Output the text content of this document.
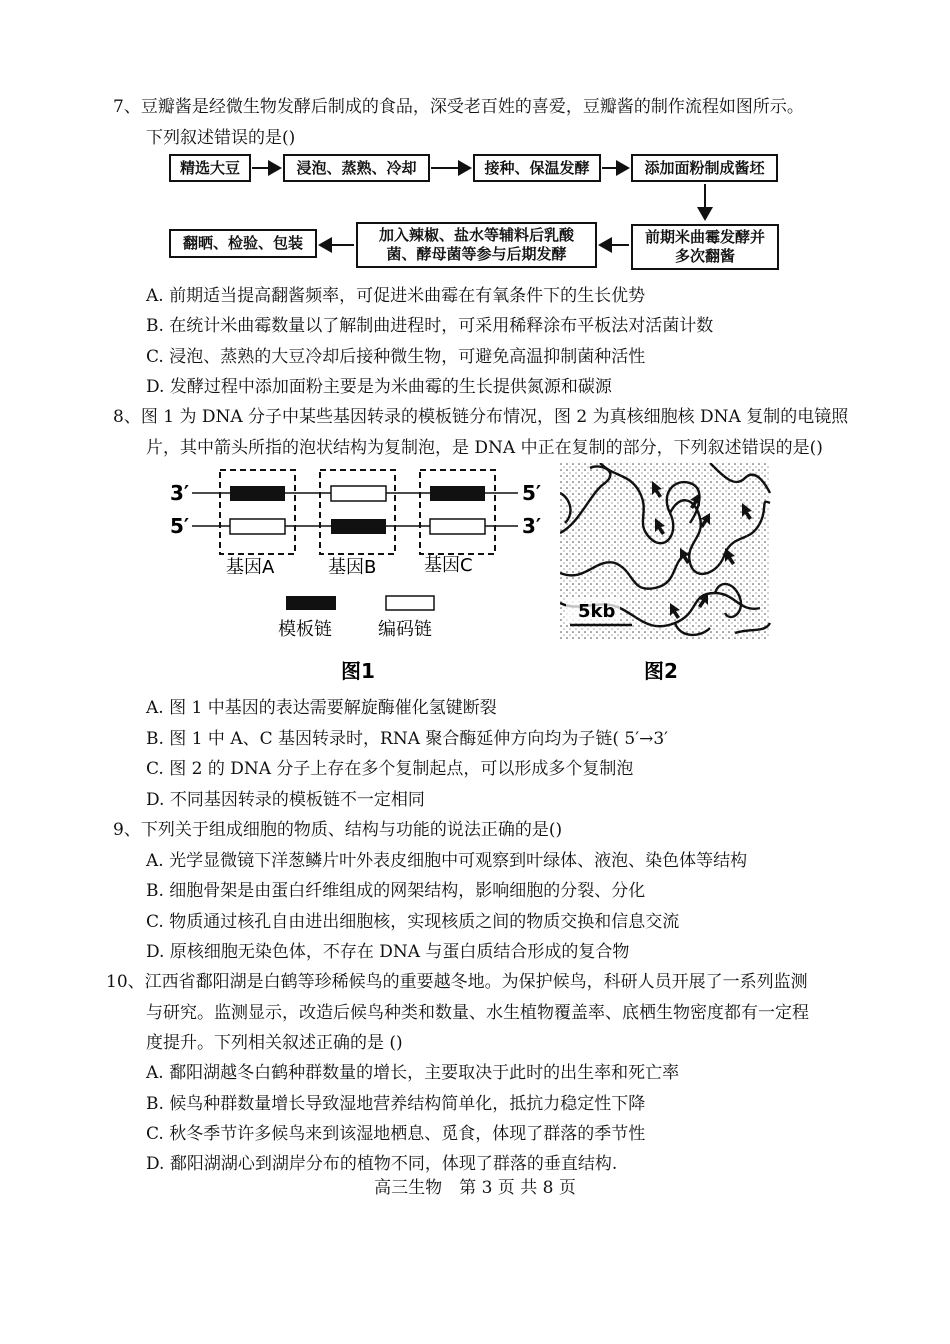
7、豆瓣酱是经微生物发酵后制成的食品，深受老百姓的喜爱，豆瓣酱的制作流程如图所示。
下列叙述错误的是()
精选大豆	浸泡、蒸熟、冷却	接种、保温发酵	添加面粉制成酱坯
前期米曲霉发酵并
多次翻酱
加入辣椒、盐水等辅料后乳酸
菌、酵母菌等参与后期发酵
翻晒、检验、包装
A. 前期适当提高翻酱频率，可促进米曲霉在有氧条件下的生长优势
B. 在统计米曲霉数量以了解制曲进程时，可采用稀释涂布平板法对活菌计数
C. 浸泡、蒸熟的大豆冷却后接种微生物，可避免高温抑制菌种活性
D. 发酵过程中添加面粉主要是为米曲霉的生长提供氮源和碳源
8、图 1 为 DNA 分子中某些基因转录的模板链分布情况，图 2 为真核细胞核 DNA 复制的电镜照
片，其中箭头所指的泡状结构为复制泡，是 DNA 中正在复制的部分，下列叙述错误的是()
3′	5′
5′	3′
基因A	基因B	基因C
模板链	编码链
图1
5kb
图2
A. 图 1 中基因的表达需要解旋酶催化氢键断裂
B. 图 1 中 A、C 基因转录时，RNA 聚合酶延伸方向均为子链( 5′→3′
C. 图 2 的 DNA 分子上存在多个复制起点，可以形成多个复制泡
D. 不同基因转录的模板链不一定相同
9、下列关于组成细胞的物质、结构与功能的说法正确的是()
A. 光学显微镜下洋葱鳞片叶外表皮细胞中可观察到叶绿体、液泡、染色体等结构
B. 细胞骨架是由蛋白纤维组成的网架结构，影响细胞的分裂、分化
C. 物质通过核孔自由进出细胞核，实现核质之间的物质交换和信息交流
D. 原核细胞无染色体，不存在 DNA 与蛋白质结合形成的复合物
10、江西省鄱阳湖是白鹤等珍稀候鸟的重要越冬地。为保护候鸟，科研人员开展了一系列监测
与研究。监测显示，改造后候鸟种类和数量、水生植物覆盖率、底栖生物密度都有一定程
度提升。下列相关叙述正确的是 ()
A. 鄱阳湖越冬白鹤种群数量的增长，主要取决于此时的出生率和死亡率
B. 候鸟种群数量增长导致湿地营养结构简单化，抵抗力稳定性下降
C. 秋冬季节许多候鸟来到该湿地栖息、觅食，体现了群落的季节性
D. 鄱阳湖湖心到湖岸分布的植物不同，体现了群落的垂直结构.
高三生物　第 3 页 共 8 页
